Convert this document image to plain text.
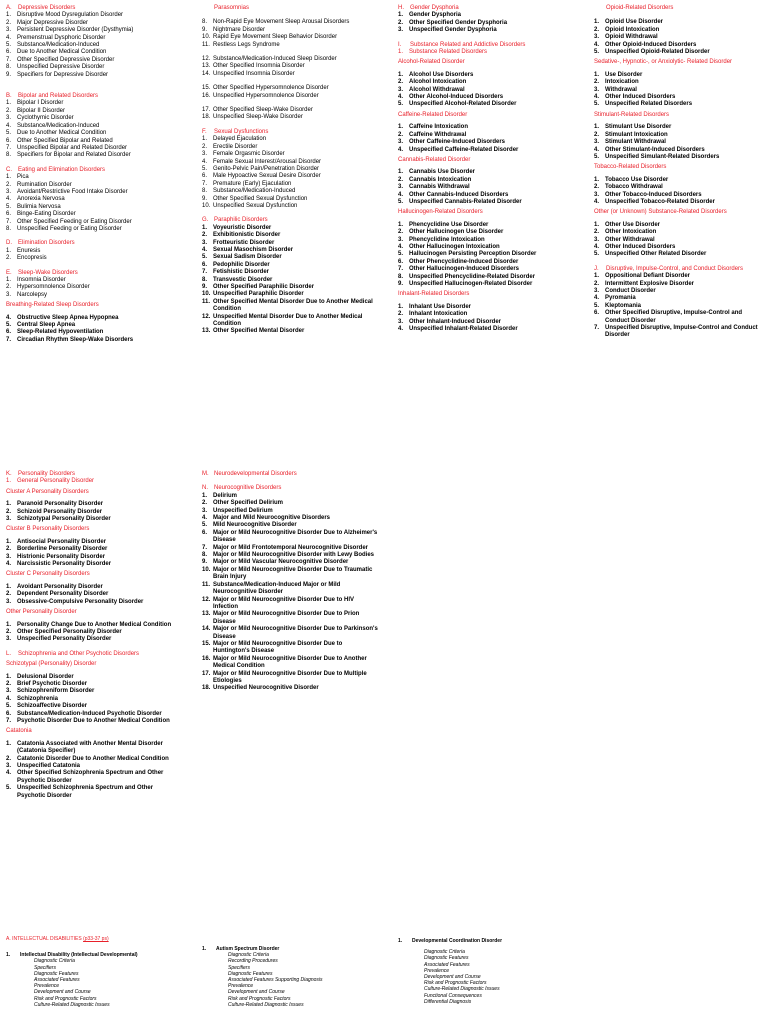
A.	Depressive Disorders
1. Disruptive Mood Dysregulation Disorder
2. Major Depressive Disorder
3. Persistent Depressive Disorder (Dysthymia)
4. Premenstrual Dysphoric Disorder
5. Substance/Medication-Induced
6. Due to Another Medical Condition
7. Other Specified Depressive Disorder
8. Unspecified Depressive Disorder
9. Specifiers for Depressive Disorder
B.	Bipolar and Related Disorders
1. Bipolar I Disorder
2. Bipolar II Disorder
3. Cyclothymic Disorder
4. Substance/Medication-Induced
5. Due to Another Medical Condition
6. Other Specified Bipolar and Related
7. Unspecified Bipolar and Related Disorder
8. Specifiers for Bipolar and Related Disorder
C.	Eating and Elimination Disorders
1. Pica
2. Rumination Disorder
3. Avoidant/Restrictive Food Intake Disorder
4. Anorexia Nervosa
5. Bulimia Nervosa
6. Binge-Eating Disorder
7. Other Specified Feeding or Eating Disorder
8. Unspecified Feeding or Eating Disorder
D.	Elimination Disorders
1. Enuresis
2. Encopresis
E.	Sleep-Wake Disorders
1. Insomnia Disorder
2. Hypersomnolence Disorder
3. Narcolepsy
Breathing-Related Sleep Disorders
4. Obstructive Sleep Apnea Hypopnea
5. Central Sleep Apnea
6. Sleep-Related Hypoventilation
7. Circadian Rhythm Sleep-Wake Disorders
Parasomnias
8. Non-Rapid Eye Movement Sleep Arousal Disorders
9. Nightmare Disorder
10. Rapid Eye Movement Sleep Behavior Disorder
11. Restless Legs Syndrome
12. Substance/Medication-Induced Sleep Disorder
13. Other Specified Insomnia Disorder
14. Unspecified Insomnia Disorder
15. Other Specified Hypersomnolence Disorder
16. Unspecified Hypersomnolence Disorder
17. Other Specified Sleep-Wake Disorder
18. Unspecified Sleep-Wake Disorder
F.	Sexual Dysfunctions
1. Delayed Ejaculation
2. Erectile Disorder
3. Female Orgasmic Disorder
4. Female Sexual Interest/Arousal Disorder
5. Genito-Pelvic Pain/Penetration Disorder
6. Male Hypoactive Sexual Desire Disorder
7. Premature (Early) Ejaculation
8. Substance/Medication-Induced
9. Other Specified Sexual Dysfunction
10. Unspecified Sexual Dysfunction
G. Paraphilic Disorders
1. Voyeuristic Disorder
2. Exhibitionistic Disorder
3. Frotteuristic Disorder
4. Sexual Masochism Disorder
5. Sexual Sadism Disorder
6. Pedophilic Disorder
7. Fetishistic Disorder
8. Transvestic Disorder
9. Other Specified Paraphilic Disorder
10. Unspecified Paraphilic Disorder
11. Other Specified Mental Disorder Due to Another Medical Condition
12. Unspecified Mental Disorder Due to Another Medical Condition
13. Other Specified Mental Disorder
H.	Gender Dysphoria
1. Gender Dysphoria
2. Other Specified Gender Dysphoria
3. Unspecified Gender Dysphoria
I.	Substance Related and Addictive Disorders
1. Substance Related Disorders
Alcohol-Related Disorder
1. Alcohol Use Disorders
2. Alcohol Intoxication
3. Alcohol Withdrawal
4. Other Alcohol-Induced Disorders
5. Unspecified Alcohol-Related Disorder
Caffeine-Related Disorder
1. Caffeine Intoxication
2. Caffeine Withdrawal
3. Other Caffeine-Induced Disorders
4. Unspecified Caffeine-Related Disorder
Cannabis-Related Disorder
1. Cannabis Use Disorder
2. Cannabis Intoxication
3. Cannabis Withdrawal
4. Other Cannabis-Induced Disorders
5. Unspecified Cannabis-Related Disorder
Hallucinogen-Related Disorders
1. Phencyclidine Use Disorder
2. Other Hallucinogen Use Disorder
3. Phencyclidine Intoxication
4. Other Hallucinogen Intoxication
5. Hallucinogen Persisting Perception Disorder
6. Other Phencyclidine-Induced Disorder
7. Other Hallucinogen-Induced Disorders
8. Unspecified Phencyclidine-Related Disorder
9. Unspecified Hallucinogen-Related Disorder
Inhalant-Related Disorders
1. Inhalant Use Disorder
2. Inhalant Intoxication
3. Other Inhalant-Induced Disorder
4. Unspecified Inhalant-Related Disorder
Opioid-Related Disorders
1. Opioid Use Disorder
2. Opioid Intoxication
3. Opioid Withdrawal
4. Other Opioid-Induced Disorders
5. Unspecified Opioid-Related Disorder
Sedative-, Hypnotic-, or Anxiolytic- Related Disorder
1. Use Disorder
2. Intoxication
3. Withdrawal
4. Other Induced Disorders
5. Unspecified Related Disorders
Stimulant-Related Disorders
1. Stimulant Use Disorder
2. Stimulant Intoxication
3. Stimulant Withdrawal
4. Other Stimulant-Induced Disorders
5. Unspecified Simulant-Related Disorders
Tobacco-Related Disorders
1. Tobacco Use Disorder
2. Tobacco Withdrawal
3. Other Tobacco-Induced Disorders
4. Unspecified Tobacco-Related Disorder
Other (or Unknown) Substance-Related Disorders
1. Other Use Disorder
2. Other Intoxication
3. Other Withdrawal
4. Other Induced Disorders
5. Unspecified Other Related Disorder
J.	Disruptive, Impulse-Control, and Conduct Disorders
1. Oppositional Defiant Disorder
2. Intermittent Explosive Disorder
3. Conduct Disorder
4. Pyromania
5. Kleptomania
6. Other Specified Disruptive, Impulse-Control and Conduct Disorder
7. Unspecified Disruptive, Impulse-Control and Conduct Disorder
K.	Personality Disorders
1. General Personality Disorder
Cluster A Personality Disorders
1. Paranoid Personality Disorder
2. Schizoid Personality Disorder
3. Schizotypal Personality Disorder
Cluster B Personality Disorders
1. Antisocial Personality Disorder
2. Borderline Personality Disorder
3. Histrionic Personality Disorder
4. Narcissistic Personality Disorder
Cluster C Personality Disorders
1. Avoidant Personality Disorder
2. Dependent Personality Disorder
3. Obsessive-Compulsive Personality Disorder
Other Personality Disorder
1. Personality Change Due to Another Medical Condition
2. Other Specified Personality Disorder
3. Unspecified Personality Disorder
L.	Schizophrenia and Other Psychotic Disorders
Schizotypal (Personality) Disorder
1. Delusional Disorder
2. Brief Psychotic Disorder
3. Schizophreniform Disorder
4. Schizophrenia
5. Schizoaffective Disorder
6. Substance/Medication-Induced Psychotic Disorder
7. Psychotic Disorder Due to Another Medical Condition
Catatonia
1. Catatonia Associated with Another Mental Disorder (Catatonia Specifier)
2. Catatonic Disorder Due to Another Medical Condition
3. Unspecified Catatonia
4. Other Specified Schizophrenia Spectrum and Other Psychotic Disorder
5. Unspecified Schizophrenia Spectrum and Other Psychotic Disorder
M. Neurodevelopmental Disorders
N.	Neurocognitive Disorders
1. Delirium
2. Other Specified Delirium
3. Unspecified Delirium
4. Major and Mild Neurocognitive Disorders
5. Mild Neurocognitive Disorder
6. Major or Mild Neurocognitive Disorder Due to Alzheimer's Disease
7. Major or Mild Frontotemporal Neurocognitive Disorder
8. Major or Mild Neurocognitive Disorder with Lewy Bodies
9. Major or Mild Vascular Neurocognitive Disorder
10. Major or Mild Neurocognitive Disorder Due to Traumatic Brain Injury
11. Substance/Medication-Induced Major or Mild Neurocognitive Disorder
12. Major or Mild Neurocognitive Disorder Due to HIV Infection
13. Major or Mild Neurocognitive Disorder Due to Prion Disease
14. Major or Mild Neurocognitive Disorder Due to Parkinson's Disease
15. Major or Mild Neurocognitive Disorder Due to Huntington's Disease
16. Major or Mild Neurocognitive Disorder Due to Another Medical Condition
17. Major or Mild Neurocognitive Disorder Due to Multiple Etiologies
18. Unspecified Neurocognitive Disorder
A. INTELLECTUAL DISABILITIES (p33-37 ps)
1.	Intellectual Disability (Intellectual Developmental)
Diagnostic Criteria
Specifiers
Diagnostic Features
Associated Features
Prevalence
Development and Course
Risk and Prognostic Factors
Culture-Related Diagnostic Issues
1.	Autism Spectrum Disorder
Diagnostic Criteria
Recording Procedures
Specifiers
Diagnostic Features
Associated Features Supporting Diagnosis
Prevalence
Development and Course
Risk and Prognostic Factors
Culture-Related Diagnostic Issues
1.	Developmental Coordination Disorder
Diagnostic Criteria
Diagnostic Features
Associated Features
Prevalence
Development and Course
Risk and Prognostic Factors
Culture-Related Diagnostic Issues
Functional Consequences
Differential Diagnosis
